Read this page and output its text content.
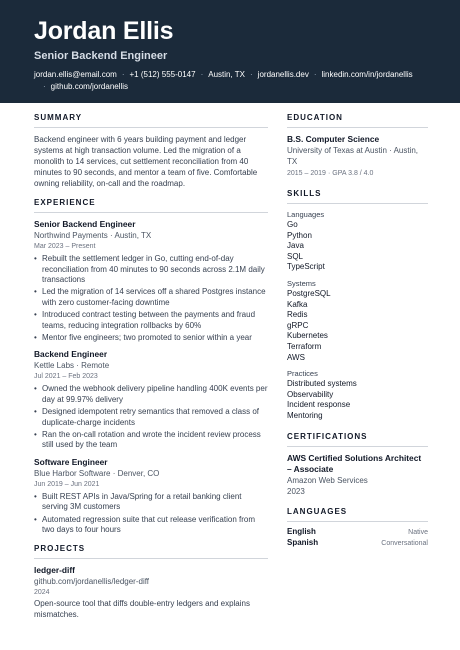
Jordan Ellis
Senior Backend Engineer
jordan.ellis@email.com · +1 (512) 555-0147 · Austin, TX · jordanellis.dev · linkedin.com/in/jordanellis
· github.com/jordanellis
SUMMARY
Backend engineer with 6 years building payment and ledger systems at high transaction volume. Led the migration of a monolith to 14 services, cut settlement reconciliation from 40 minutes to 90 seconds, and mentor a team of five. Comfortable owning reliability, on-call and the roadmap.
EXPERIENCE
Senior Backend Engineer
Northwind Payments · Austin, TX
Mar 2023 – Present
• Rebuilt the settlement ledger in Go, cutting end-of-day reconciliation from 40 minutes to 90 seconds across 2.1M daily transactions
• Led the migration of 14 services off a shared Postgres instance with zero customer-facing downtime
• Introduced contract testing between the payments and fraud teams, reducing integration rollbacks by 60%
• Mentor five engineers; two promoted to senior within a year
Backend Engineer
Kettle Labs · Remote
Jul 2021 – Feb 2023
• Owned the webhook delivery pipeline handling 400K events per day at 99.97% delivery
• Designed idempotent retry semantics that removed a class of duplicate-charge incidents
• Ran the on-call rotation and wrote the incident review process still used by the team
Software Engineer
Blue Harbor Software · Denver, CO
Jun 2019 – Jun 2021
• Built REST APIs in Java/Spring for a retail banking client serving 3M customers
• Automated regression suite that cut release verification from two days to four hours
PROJECTS
ledger-diff
github.com/jordanellis/ledger-diff
2024
Open-source tool that diffs double-entry ledgers and explains mismatches.
EDUCATION
B.S. Computer Science
University of Texas at Austin · Austin, TX
2015 – 2019 · GPA 3.8 / 4.0
SKILLS
Languages
Go
Python
Java
SQL
TypeScript
Systems
PostgreSQL
Kafka
Redis
gRPC
Kubernetes
Terraform
AWS
Practices
Distributed systems
Observability
Incident response
Mentoring
CERTIFICATIONS
AWS Certified Solutions Architect – Associate
Amazon Web Services
2023
LANGUAGES
English	Native
Spanish	Conversational
